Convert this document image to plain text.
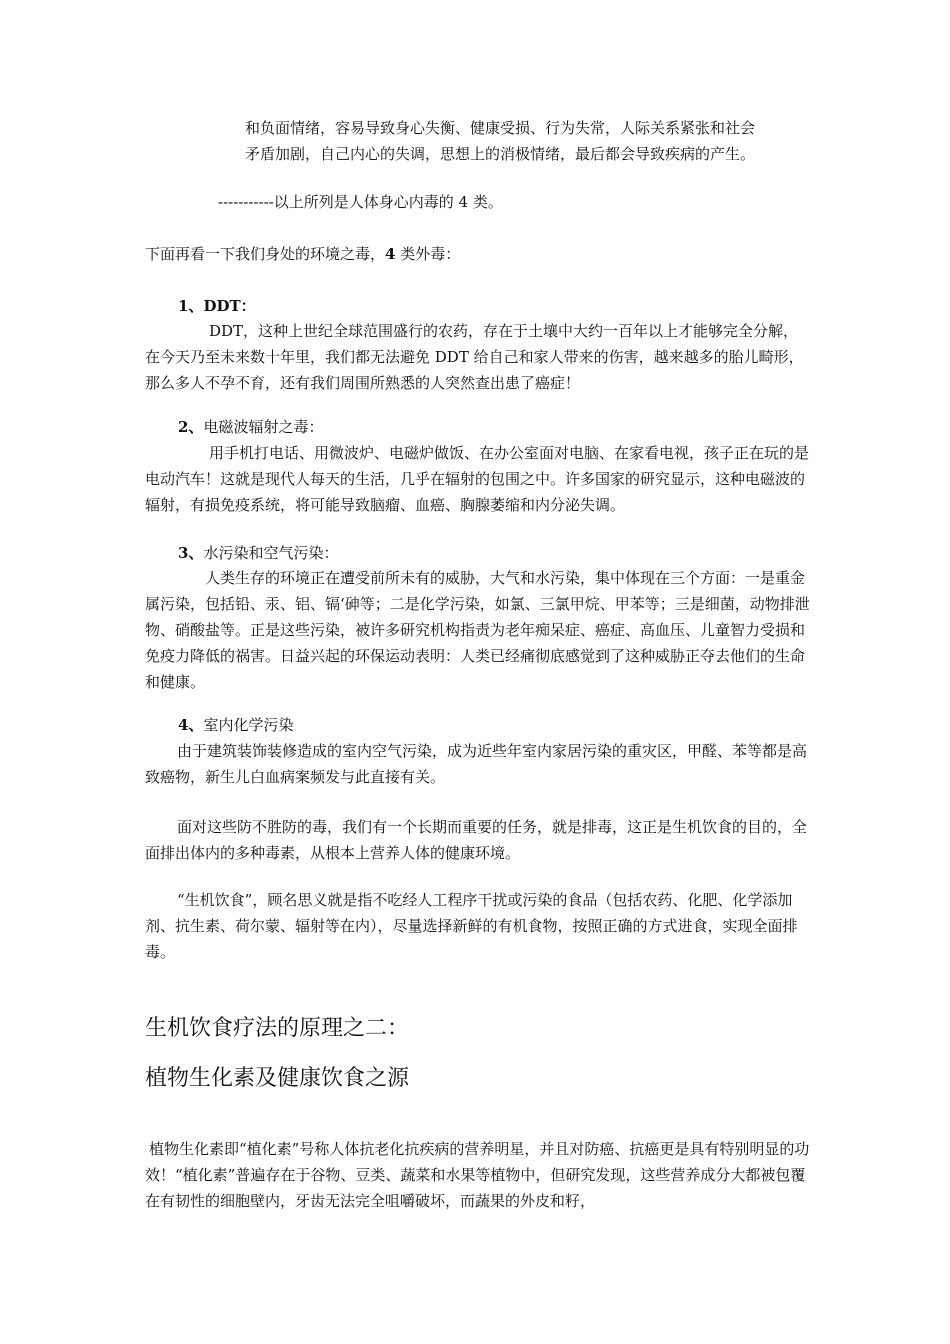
和负面情绪，容易导致身心失衡、健康受损、行为失常，人际关系紧张和社会
矛盾加剧，自己内心的失调，思想上的消极情绪，最后都会导致疾病的产生。

-----------以上所列是人体身心内毒的 4 类。

下面再看一下我们身处的环境之毒，4 类外毒：

1、DDT：

DDT，这种上世纪全球范围盛行的农药，存在于土壤中大约一百年以上才能够完全分解，在今天乃至未来数十年里，我们都无法避免 DDT 给自己和家人带来的伤害，越来越多的胎儿畸形，那么多人不孕不育，还有我们周围所熟悉的人突然查出患了癌症！

2、电磁波辐射之毒：

用手机打电话、用微波炉、电磁炉做饭、在办公室面对电脑、在家看电视，孩子正在玩的是电动汽车！这就是现代人每天的生活，几乎在辐射的包围之中。许多国家的研究显示，这种电磁波的辐射，有损免疫系统，将可能导致脑瘤、血癌、胸腺萎缩和内分泌失调。

3、水污染和空气污染：

人类生存的环境正在遭受前所未有的威胁，大气和水污染，集中体现在三个方面：一是重金属污染，包括铅、汞、铝、镉‘砷等；二是化学污染，如氯、三氯甲烷、甲苯等；三是细菌，动物排泄物、硝酸盐等。正是这些污染，被许多研究机构指责为老年痴呆症、癌症、高血压、儿童智力受损和免疫力降低的祸害。日益兴起的环保运动表明：人类已经痛彻底感觉到了这种威胁正夺去他们的生命和健康。

4、室内化学污染

由于建筑装饰装修造成的室内空气污染，成为近些年室内家居污染的重灾区，甲醛、苯等都是高致癌物，新生儿白血病案频发与此直接有关。

面对这些防不胜防的毒，我们有一个长期而重要的任务，就是排毒，这正是生机饮食的目的，全面排出体内的多种毒素，从根本上营养人体的健康环境。

“生机饮食”，顾名思义就是指不吃经人工程序干扰或污染的食品（包括农药、化肥、化学添加剂、抗生素、荷尔蒙、辐射等在内），尽量选择新鲜的有机食物，按照正确的方式进食，实现全面排毒。

生机饮食疗法的原理之二：
植物生化素及健康饮食之源

植物生化素即“植化素”号称人体抗老化抗疾病的营养明星，并且对防癌、抗癌更是具有特别明显的功效！“植化素”普遍存在于谷物、豆类、蔬菜和水果等植物中，但研究发现，这些营养成分大都被包覆在有韧性的细胞壁内，牙齿无法完全咀嚼破坏，而蔬果的外皮和籽，
